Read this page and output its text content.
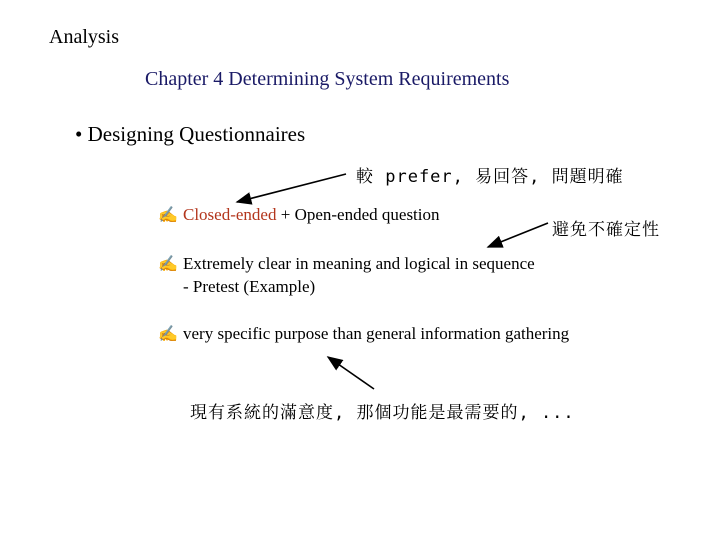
Analysis
Chapter 4 Determining System Requirements
• Designing Questionnaires
較 prefer, 易回答, 問題明確
避免不確定性
現有系統的滿意度, 那個功能是最需要的, ...
✍ Closed-ended + Open-ended question
✍ Extremely clear in meaning and logical in sequence
- Pretest (Example)
✍ very specific purpose than general information gathering
